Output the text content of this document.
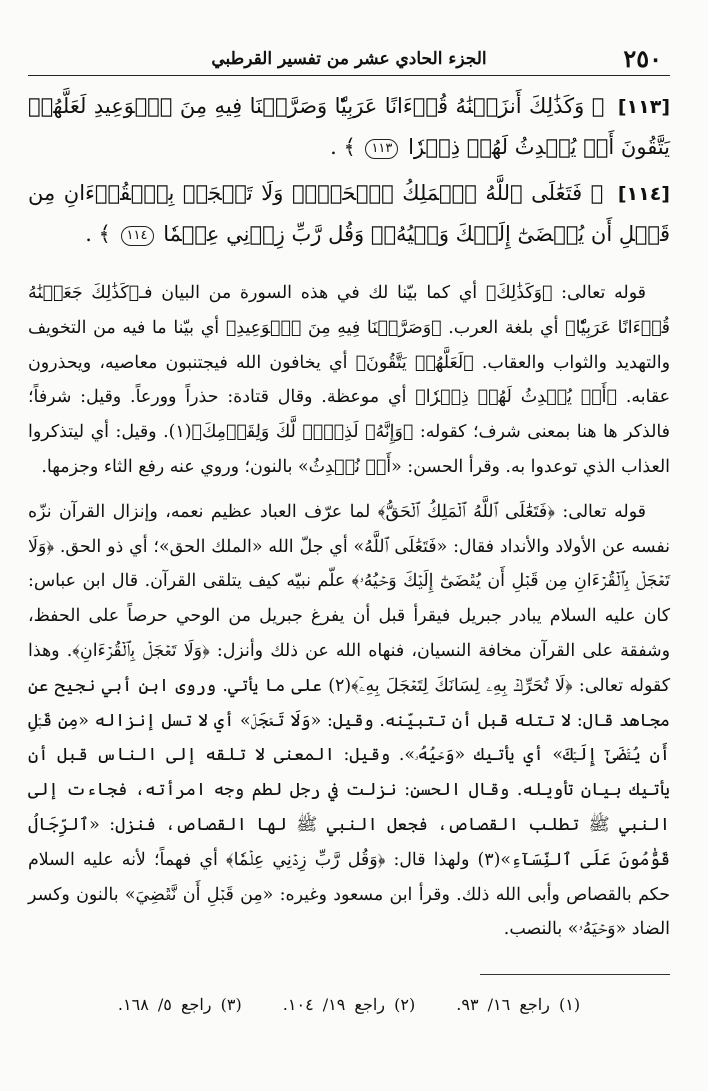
٢٥٠
الجزء الحادي عشر من تفسير القرطبي

[١١٣] ﴿ وَكَذَٰلِكَ أَنزَلۡنَٰهُ قُرۡءَانًا عَرَبِيّٗا وَصَرَّفۡنَا فِيهِ مِنَ ٱلۡوَعِيدِ لَعَلَّهُمۡ يَتَّقُونَ أَوۡ يُحۡدِثُ لَهُمۡ ذِكۡرٗا ١١٣ ﴾ .

[١١٤] ﴿ فَتَعَٰلَى ٱللَّهُ ٱلۡمَلِكُ ٱلۡحَقُّۗ وَلَا تَعۡجَلۡ بِٱلۡقُرۡءَانِ مِن قَبۡلِ أَن يُقۡضَىٰٓ إِلَيۡكَ وَحۡيُهُۥۖ وَقُل رَّبِّ زِدۡنِي عِلۡمٗا ١١٤ ﴾ .

قوله تعالى: ﴿وَكَذَٰلِكَ﴾ أي كما بيّنا لك في هذه السورة من البيان فـ﴿كَذَٰلِكَ جَعَلۡنَٰهُ قُرۡءَانًا عَرَبِيّٗا﴾ أي بلغة العرب. ﴿وَصَرَّفۡنَا فِيهِ مِنَ ٱلۡوَعِيدِ﴾ أي بيّنا ما فيه من التخويف والتهديد والثواب والعقاب. ﴿لَعَلَّهُمۡ يَتَّقُونَ﴾ أي يخافون الله فيجتنبون معاصيه، ويحذرون عقابه. ﴿أَوۡ يُحۡدِثُ لَهُمۡ ذِكۡرٗا﴾ أي موعظة. وقال قتادة: حذراً وورعاً. وقيل: شرفاً؛ فالذكر ها هنا بمعنى شرف؛ كقوله: ﴿وَإِنَّهُۥ لَذِكۡرٞ لَّكَ وَلِقَوۡمِكَ﴾(١). وقيل: أي ليتذكروا العذاب الذي توعدوا به. وقرأ الحسن: «أَوۡ نُحۡدِثُ» بالنون؛ وروي عنه رفع الثاء وجزمها.

قوله تعالى: ﴿فَتَعَٰلَى ٱللَّهُ ٱلۡمَلِكُ ٱلۡحَقُّ﴾ لما عرّف العباد عظيم نعمه، وإنزال القرآن نزّه نفسه عن الأولاد والأنداد فقال: «فَتَعَٰلَى ٱللَّهُ» أي جلّ الله «الملك الحق»؛ أي ذو الحق. ﴿وَلَا تَعۡجَلۡ بِٱلۡقُرۡءَانِ مِن قَبۡلِ أَن يُقۡضَىٰٓ إِلَيۡكَ وَحۡيُهُۥ﴾ علّم نبيّه كيف يتلقى القرآن. قال ابن عباس: كان عليه السلام يبادر جبريل فيقرأ قبل أن يفرغ جبريل من الوحي حرصاً على الحفظ، وشفقة على القرآن مخافة النسيان، فنهاه الله عن ذلك وأنزل: ﴿وَلَا تَعۡجَلۡ بِٱلۡقُرۡءَانِ﴾. وهذا كقوله تعالى: ﴿لَا تُحَرِّكۡ بِهِۦ لِسَانَكَ لِتَعۡجَلَ بِهِۦٓ﴾(٢) على ما يأتي. وروى ابن أبي نجيح عن مجاهد قال: لا تتله قبل أن تتبيّنه. وقيل: «وَلَا تَعۡجَلۡ» أي لا تسل إنزاله «مِن قَبۡلِ أَن يُقۡضَىٰٓ إِلَيۡكَ» أي يأتيك «وَحۡيُهُۥ». وقيل: المعنى لا تلقه إلى الناس قبل أن يأتيك بيان تأويله. وقال الحسن: نزلت في رجل لطم وجه امرأته، فجاءت إلى النبي ﷺ تطلب القصاص، فجعل النبي ﷺ لها القصاص، فنزل: «ٱلرِّجَالُ قَوَّٰمُونَ عَلَى ٱلنِّسَآءِ»(٣) ولهذا قال: ﴿وَقُل رَّبِّ زِدۡنِي عِلۡمٗا﴾ أي فهماً؛ لأنه عليه السلام حكم بالقصاص وأبى الله ذلك. وقرأ ابن مسعود وغيره: «مِن قَبۡلِ أَن نَّقۡضِيَ» بالنون وكسر الضاد «وَحۡيَهُۥ» بالنصب.

(١) راجع ١٦/ ٩٣. (٢) راجع ١٩/ ١٠٤. (٣) راجع ٥/ ١٦٨.
